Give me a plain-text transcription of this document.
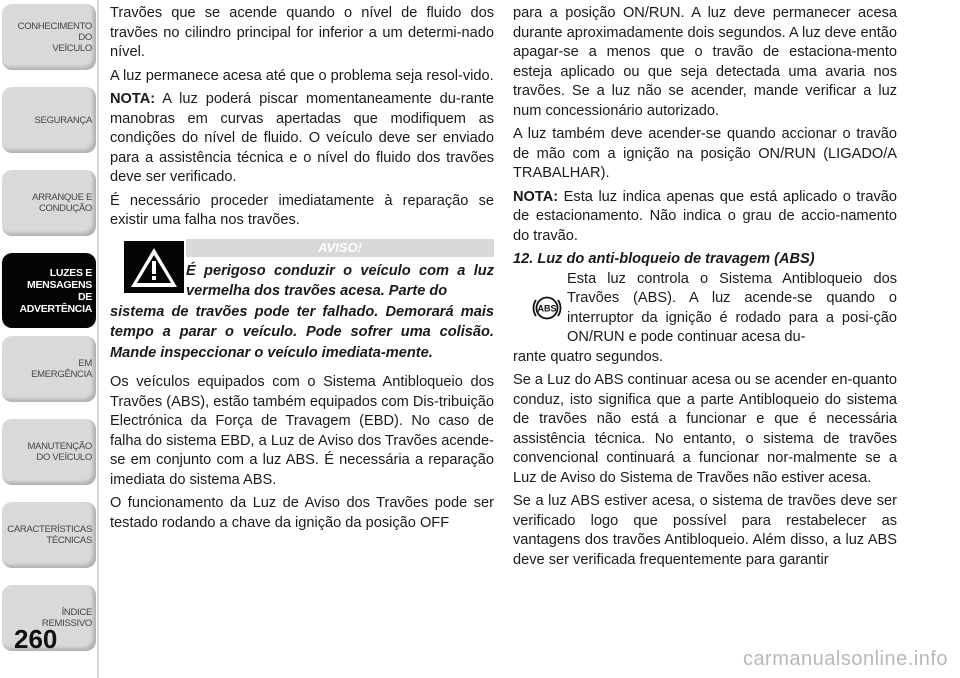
CONHECIMENTO
DO
VEÍCULO
SEGURANÇA
ARRANQUE E
CONDUÇÃO
LUZES E
MENSAGENS
DE
ADVERTÊNCIA
EM
EMERGÊNCIA
MANUTENÇÃO
DO VEÍCULO
CARACTERÍSTICAS
TÉCNICAS
ÍNDICE
REMISSIVO
260

Travões que se acende quando o nível de fluido dos travões no cilindro principal for inferior a um determi-nado nível.

A luz permanece acesa até que o problema seja resol-vido.

NOTA: A luz poderá piscar momentaneamente du-rante manobras em curvas apertadas que modifiquem as condições do nível de fluido. O veículo deve ser enviado para a assistência técnica e o nível do fluido dos travões deve ser verificado.

É necessário proceder imediatamente à reparação se existir uma falha nos travões.

AVISO!
É perigoso conduzir o veículo com a luz vermelha dos travões acesa. Parte do
sistema de travões pode ter falhado. Demorará mais tempo a parar o veículo. Pode sofrer uma colisão. Mande inspeccionar o veículo imediata-mente.

Os veículos equipados com o Sistema Antibloqueio dos Travões (ABS), estão também equipados com Dis-tribuição Electrónica da Força de Travagem (EBD). No caso de falha do sistema EBD, a Luz de Aviso dos Travões acende-se em conjunto com a luz ABS. É necessária a reparação imediata do sistema ABS.

O funcionamento da Luz de Aviso dos Travões pode ser testado rodando a chave da ignição da posição OFF

para a posição ON/RUN. A luz deve permanecer acesa durante aproximadamente dois segundos. A luz deve então apagar-se a menos que o travão de estaciona-mento esteja aplicado ou que seja detectada uma avaria nos travões. Se a luz não se acender, mande verificar a luz num concessionário autorizado.

A luz também deve acender-se quando accionar o travão de mão com a ignição na posição ON/RUN (LIGADO/A TRABALHAR).

NOTA: Esta luz indica apenas que está aplicado o travão de estacionamento. Não indica o grau de accio-namento do travão.

12. Luz do anti-bloqueio de travagem (ABS)

ABS

Esta luz controla o Sistema Antibloqueio dos Travões (ABS). A luz acende-se quando o interruptor da ignição é rodado para a posi-ção ON/RUN e pode continuar acesa du-

rante quatro segundos.

Se a Luz do ABS continuar acesa ou se acender en-quanto conduz, isto significa que a parte Antibloqueio do sistema de travões não está a funcionar e que é necessária assistência técnica. No entanto, o sistema de travões convencional continuará a funcionar nor-malmente se a Luz de Aviso do Sistema de Travões não estiver acesa.

Se a luz ABS estiver acesa, o sistema de travões deve ser verificado logo que possível para restabelecer as vantagens dos travões Antibloqueio. Além disso, a luz ABS deve ser verificada frequentemente para garantir

carmanualsonline.info
